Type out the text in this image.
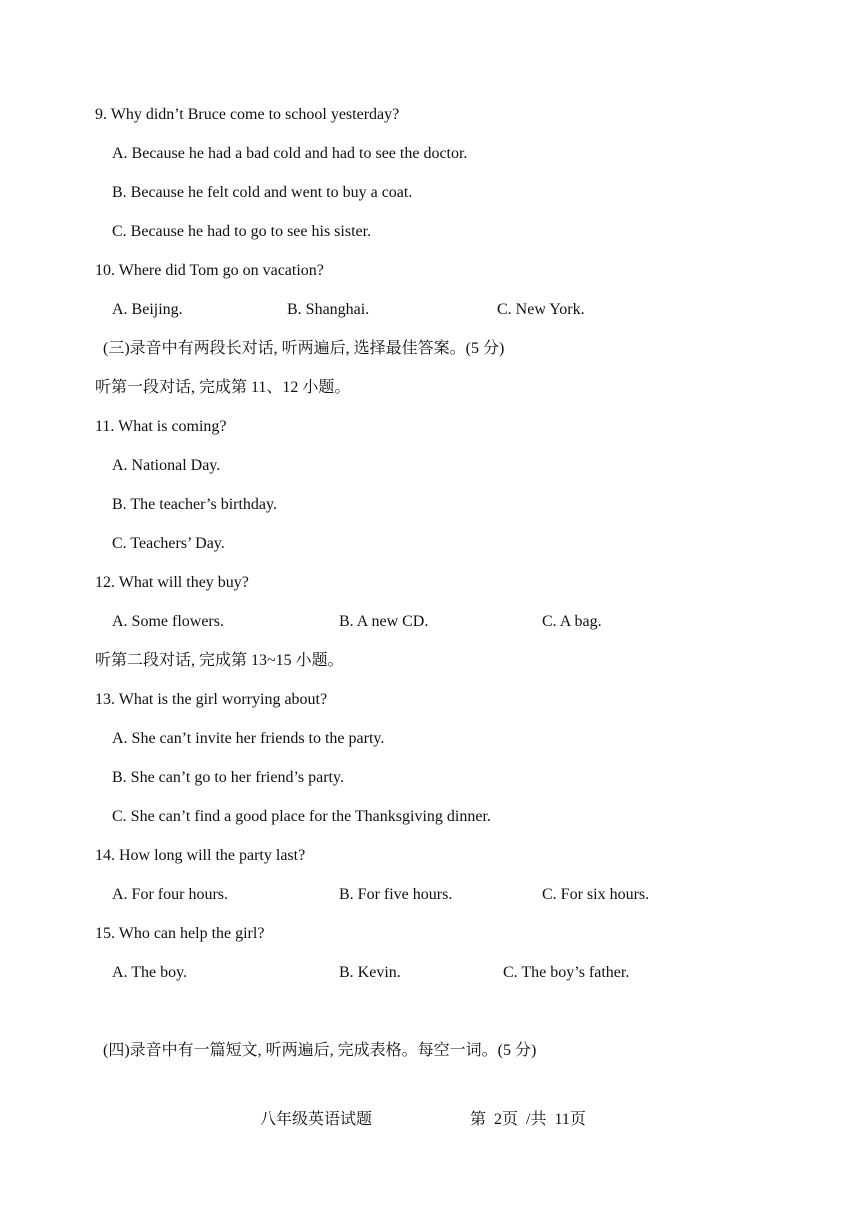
9. Why didn’t Bruce come to school yesterday?
A. Because he had a bad cold and had to see the doctor.
B. Because he felt cold and went to buy a coat.
C. Because he had to go to see his sister.
10. Where did Tom go on vacation?
A. Beijing.	B. Shanghai.	C. New York.
(三)录音中有两段长对话, 听两遍后, 选择最佳答案。(5 分)
听第一段对话, 完成第 11、12 小题。
11. What is coming?
A. National Day.
B. The teacher’s birthday.
C. Teachers’ Day.
12. What will they buy?
A. Some flowers.	B. A new CD.	C. A bag.
听第二段对话, 完成第 13~15 小题。
13. What is the girl worrying about?
A. She can’t invite her friends to the party.
B. She can’t go to her friend’s party.
C. She can’t find a good place for the Thanksgiving dinner.
14. How long will the party last?
A. For four hours.	B. For five hours.	C. For six hours.
15. Who can help the girl?
A. The boy.	B. Kevin.	C. The boy’s father.
(四)录音中有一篇短文, 听两遍后, 完成表格。每空一词。(5 分)
八年级英语试题	第  2页  /共  11页
